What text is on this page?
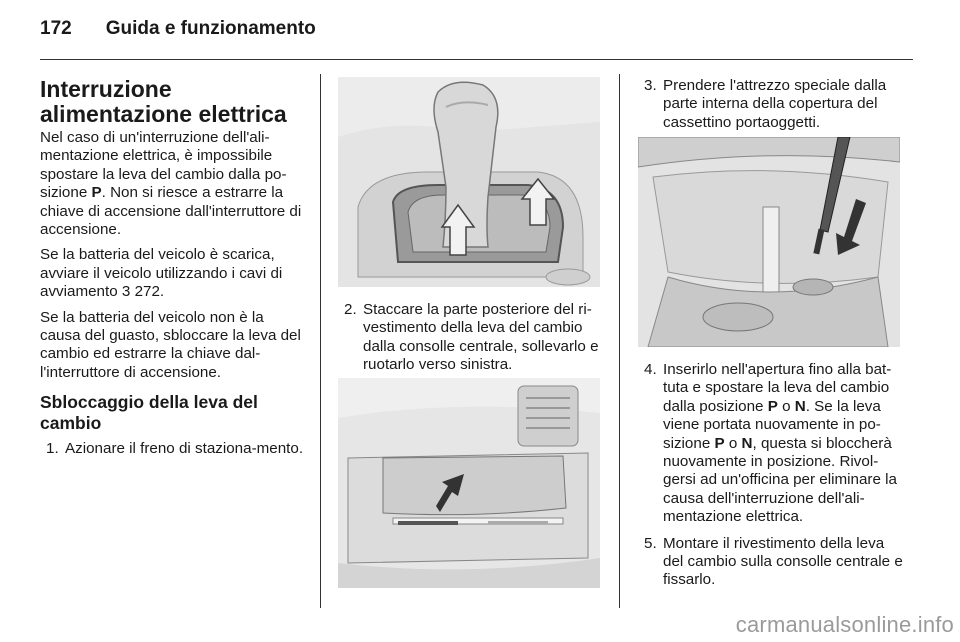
172 Guida e funzionamento
Interruzione alimentazione elettrica

Nel caso di un'interruzione dell'ali-mentazione elettrica, è impossibile spostare la leva del cambio dalla po-sizione P. Non si riesce a estrarre la chiave di accensione dall'interruttore di accensione.

Se la batteria del veicolo è scarica, avviare il veicolo utilizzando i cavi di avviamento 3 272.

Se la batteria del veicolo non è la causa del guasto, sbloccare la leva del cambio ed estrarre la chiave dal-l'interruttore di accensione.

Sbloccaggio della leva del cambio
1. Azionare il freno di staziona-mento.
2. Staccare la parte posteriore del ri-vestimento della leva del cambio dalla consolle centrale, sollevarlo e ruotarlo verso sinistra.
3. Prendere l'attrezzo speciale dalla parte interna della copertura del cassettino portaoggetti.
4. Inserirlo nell'apertura fino alla bat-tuta e spostare la leva del cambio dalla posizione P o N. Se la leva viene portata nuovamente in po-sizione P o N, questa si bloccherà nuovamente in posizione. Rivol-gersi ad un'officina per eliminare la causa dell'interruzione dell'ali-mentazione elettrica.
5. Montare il rivestimento della leva del cambio sulla consolle centrale e fissarlo.
carmanualsonline.info
